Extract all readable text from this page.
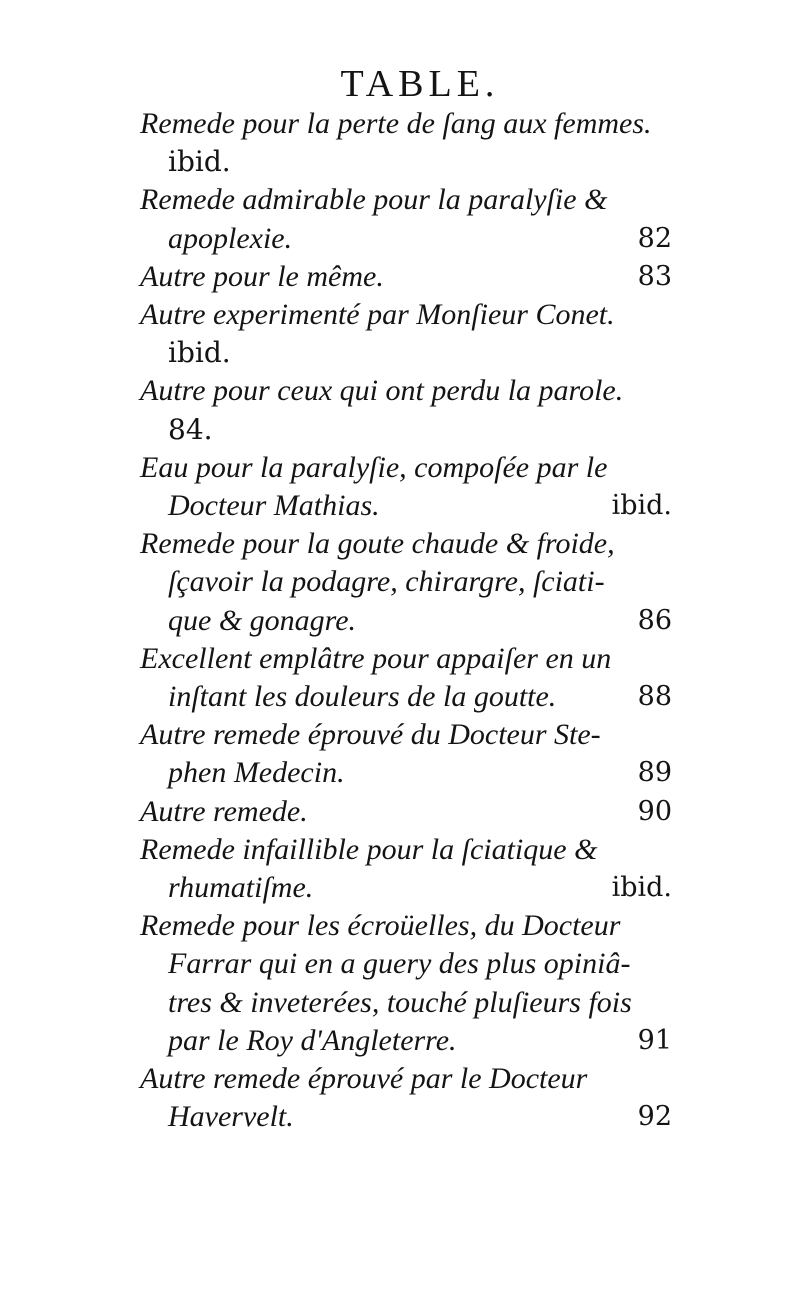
TABLE.
Remede pour la perte de ſang aux femmes.
ibid.
Remede admirable pour la paralyſie &
apoplexie.	82
Autre pour le même.	83
Autre experimenté par Monſieur Conet.
ibid.
Autre pour ceux qui ont perdu la parole.
84.
Eau pour la paralyſie, compoſée par le
Docteur Mathias.	ibid.
Remede pour la goute chaude & froide,
ſçavoir la podagre, chirargre, ſciati-
que & gonagre.	86
Excellent emplâtre pour appaiſer en un
inſtant les douleurs de la goutte.	88
Autre remede éprouvé du Docteur Ste-
phen Medecin.	89
Autre remede.	90
Remede infaillible pour la ſciatique &
rhumatiſme.	ibid.
Remede pour les écroüelles, du Docteur
Farrar qui en a guery des plus opiniâ-
tres & inveterées, touché pluſieurs fois
par le Roy d'Angleterre.	91
Autre remede éprouvé par le Docteur
Havervelt.	92
